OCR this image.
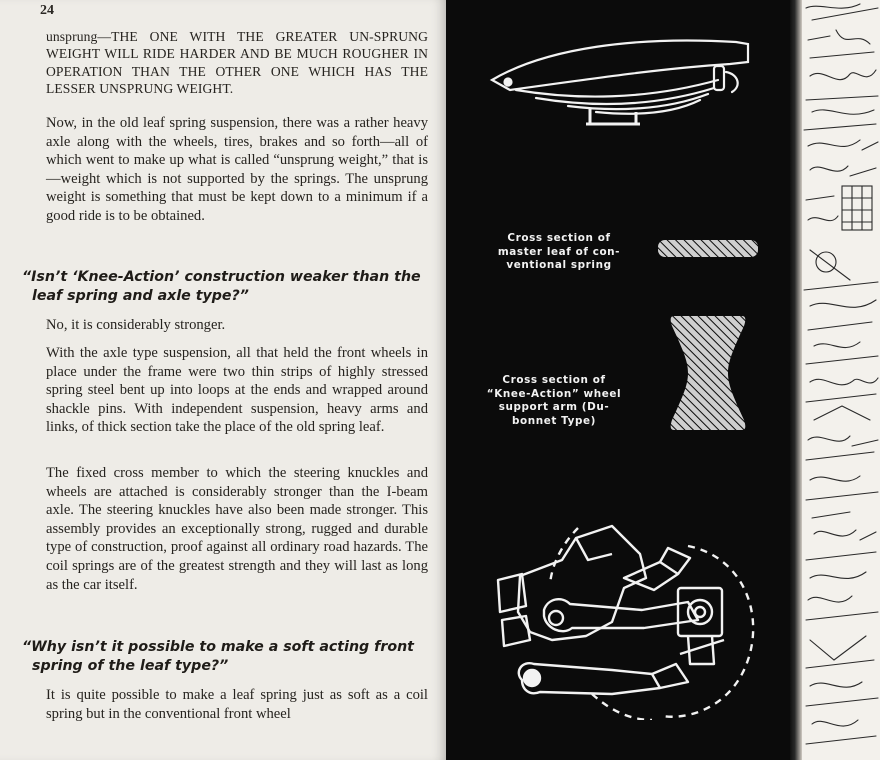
24
unsprung—THE ONE WITH THE GREATER UN-SPRUNG WEIGHT WILL RIDE HARDER AND BE MUCH ROUGHER IN OPERATION THAN THE OTHER ONE WHICH HAS THE LESSER UNSPRUNG WEIGHT.
Now, in the old leaf spring suspension, there was a rather heavy axle along with the wheels, tires, brakes and so forth—all of which went to make up what is called “unsprung weight,” that is—weight which is not supported by the springs. The unsprung weight is something that must be kept down to a minimum if a good ride is to be obtained.
“Isn’t ‘Knee-Action’ construction weaker than the
leaf spring and axle type?”
No, it is considerably stronger.
With the axle type suspension, all that held the front wheels in place under the frame were two thin strips of highly stressed spring steel bent up into loops at the ends and wrapped around shackle pins. With independent suspension, heavy arms and links, of thick section take the place of the old spring leaf.
The fixed cross member to which the steering knuckles and wheels are attached is considerably stronger than the I-beam axle. The steering knuckles have also been made stronger. This assembly provides an exceptionally strong, rugged and durable type of construction, proof against all ordinary road hazards. The coil springs are of the greatest strength and they will last as long as the car itself.
“Why isn’t it possible to make a soft acting front
spring of the leaf type?”
It is quite possible to make a leaf spring just as soft as a coil spring but in the conventional front wheel
Cross section of
master leaf of con-
ventional spring
Cross section of
“Knee-Action” wheel
support arm (Du-
bonnet Type)
